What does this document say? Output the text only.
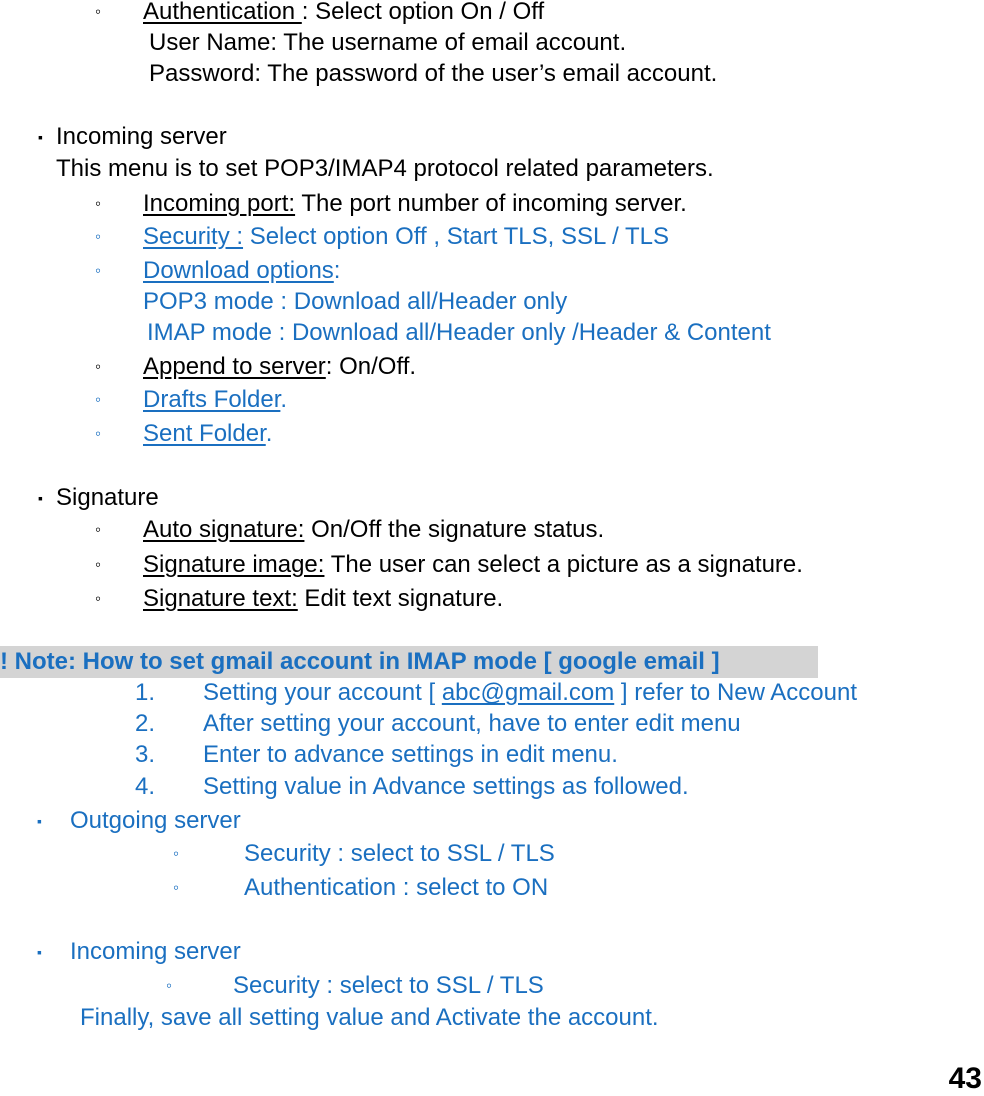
◦ Authentication : Select option On / Off
User Name: The username of email account.
Password: The password of the user’s email account.
▪ Incoming server
This menu is to set POP3/IMAP4 protocol related parameters.
◦ Incoming port: The port number of incoming server.
◦ Security : Select option Off , Start TLS, SSL / TLS
◦ Download options:
POP3 mode : Download all/Header only
IMAP mode : Download all/Header only /Header & Content
◦ Append to server: On/Off.
◦ Drafts Folder.
◦ Sent Folder.
▪ Signature
◦ Auto signature: On/Off the signature status.
◦ Signature image: The user can select a picture as a signature.
◦ Signature text: Edit text signature.
! Note: How to set gmail account in IMAP mode [ google email ]
1. Setting your account [ abc@gmail.com ] refer to New Account
2. After setting your account, have to enter edit menu
3. Enter to advance settings in edit menu.
4. Setting value in Advance settings as followed.
▪ Outgoing server
◦	Security : select to SSL / TLS
◦	Authentication : select to ON
▪ Incoming server
◦	Security : select to SSL / TLS
Finally, save all setting value and Activate the account.
43
